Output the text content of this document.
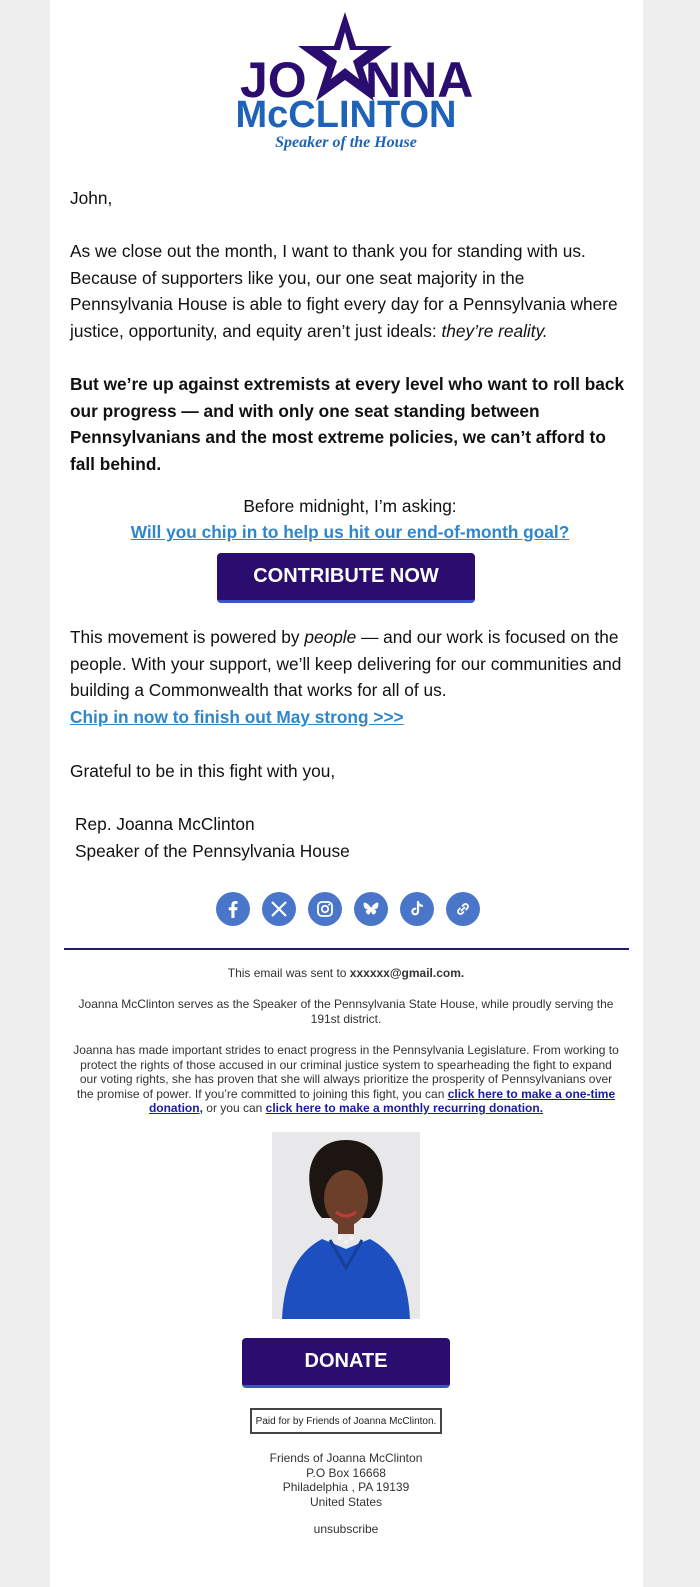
JO NNA
McCLINTON
Speaker of the House
John,
As we close out the month, I want to thank you for standing with us. Because of supporters like you, our one seat majority in the Pennsylvania House is able to fight every day for a Pennsylvania where justice, opportunity, and equity aren’t just ideals: they’re reality.
But we’re up against extremists at every level who want to roll back our progress — and with only one seat standing between Pennsylvanians and the most extreme policies, we can’t afford to fall behind.
Before midnight, I’m asking:
Will you chip in to help us hit our end-of-month goal?
CONTRIBUTE NOW
This movement is powered by people — and our work is focused on the people. With your support, we’ll keep delivering for our communities and building a Commonwealth that works for all of us.
Chip in now to finish out May strong >>>
Grateful to be in this fight with you,
Rep. Joanna McClinton
Speaker of the Pennsylvania House
This email was sent to xxxxxx@gmail.com.
Joanna McClinton serves as the Speaker of the Pennsylvania State House, while proudly serving the 191st district.
Joanna has made important strides to enact progress in the Pennsylvania Legislature. From working to protect the rights of those accused in our criminal justice system to spearheading the fight to expand our voting rights, she has proven that she will always prioritize the prosperity of Pennsylvanians over the promise of power. If you’re committed to joining this fight, you can click here to make a one-time donation, or you can click here to make a monthly recurring donation.
DONATE
Paid for by Friends of Joanna McClinton.
Friends of Joanna McClinton
P.O Box 16668
Philadelphia , PA 19139
United States
unsubscribe
